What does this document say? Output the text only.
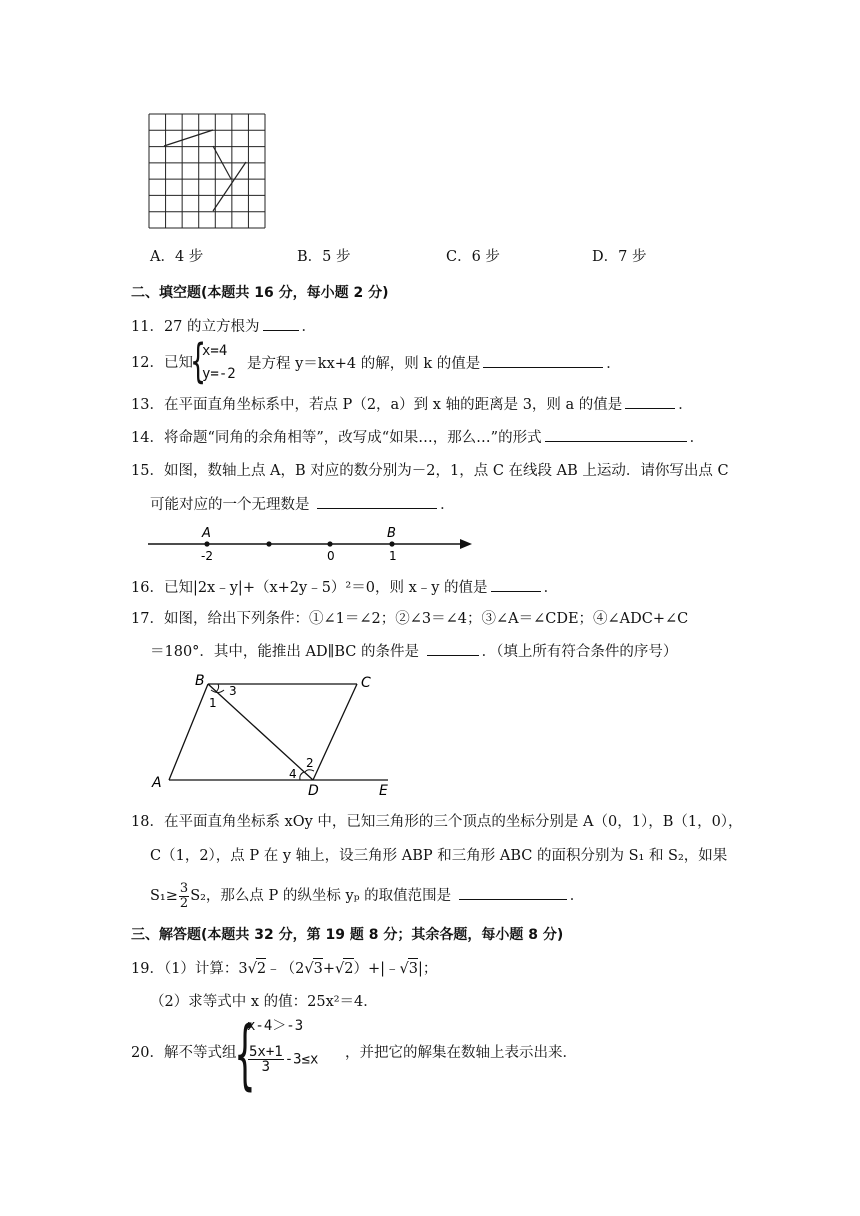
A．4 步	B．5 步	C．6 步	D．7 步
二、填空题(本题共 16 分，每小题 2 分)
11．27 的立方根为	．
12．已知
{
x=4
y=-2
是方程 y＝kx+4 的解，则 k 的值是	．
13．在平面直角坐标系中，若点 P（2，a）到 x 轴的距离是 3，则 a 的值是	．
14．将命题“同角的余角相等”，改写成“如果…，那么…”的形式	．
15．如图，数轴上点 A，B 对应的数分别为－2，1，点 C 在线段 AB 上运动．请你写出点 C
可能对应的一个无理数是	．
A	B
-2	0	1
16．已知|2x﹣y|+（x+2y﹣5）²＝0，则 x﹣y 的值是	．
17．如图，给出下列条件：①∠1＝∠2；②∠3＝∠4；③∠A＝∠CDE；④∠ADC+∠C
＝180°．其中，能推出 AD∥BC 的条件是	．（填上所有符合条件的序号）
B	C
A	D	E
1
2
3
4
18．在平面直角坐标系 xOy 中，已知三角形的三个顶点的坐标分别是 A（0，1），B（1，0），
C（1，2），点 P 在 y 轴上，设三角形 ABP 和三角形 ABC 的面积分别为 S₁ 和 S₂，如果
$S_1\ge \frac{3}{2} S_2$，那么点 P 的纵坐标 yₚ 的取值范围是	．
三、解答题(本题共 32 分，第 19 题 8 分；其余各题，每小题 8 分)
19．（1）计算：3√2﹣（2√3+√2）+|﹣√3|；
（2）求等式中 x 的值：25x²＝4．
20．解不等式组
{
x-4＞-3
$\frac{5x+1}{3} -3\le x$ ，并把它的解集在数轴上表示出来．
